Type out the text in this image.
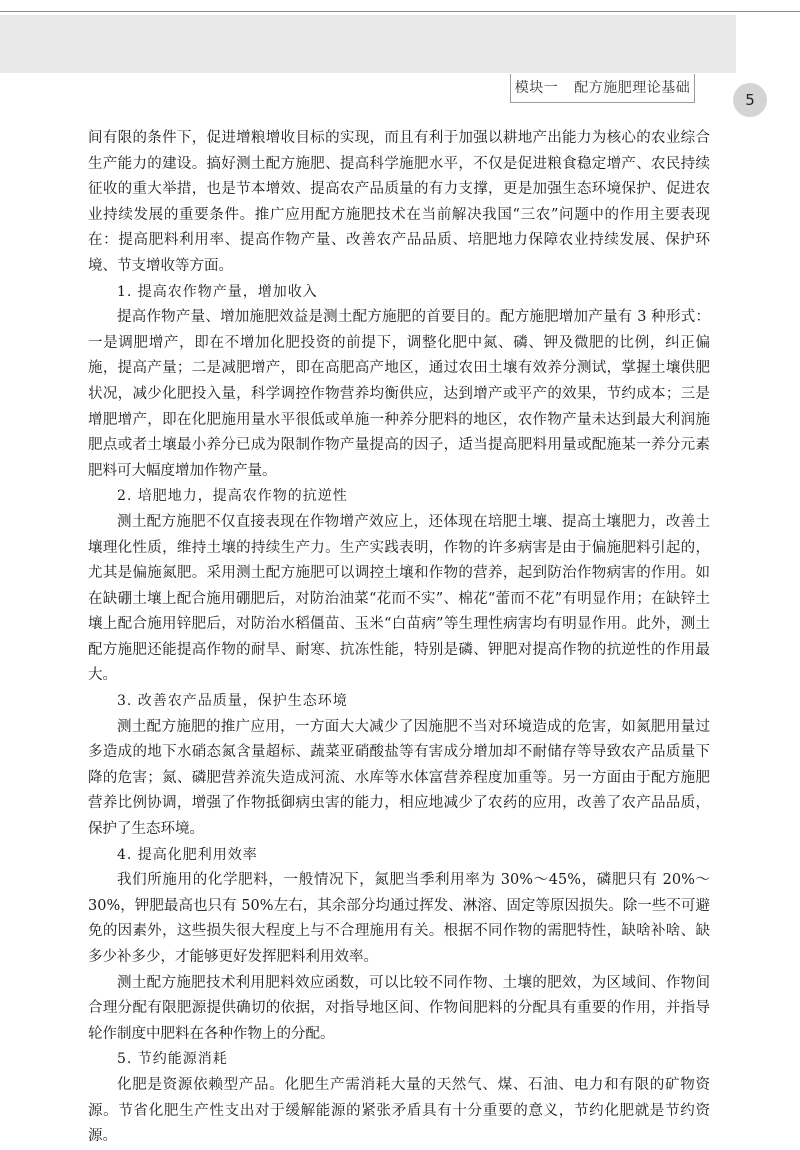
模块一 配方施肥理论基础
5

间有限的条件下，促进增粮增收目标的实现，而且有利于加强以耕地产出能力为核心的农业综合生产能力的建设。搞好测土配方施肥、提高科学施肥水平，不仅是促进粮食稳定增产、农民持续征收的重大举措，也是节本增效、提高农产品质量的有力支撑，更是加强生态环境保护、促进农业持续发展的重要条件。推广应用配方施肥技术在当前解决我国“三农”问题中的作用主要表现在：提高肥料利用率、提高作物产量、改善农产品品质、培肥地力保障农业持续发展、保护环境、节支增收等方面。

1. 提高农作物产量，增加收入

提高作物产量、增加施肥效益是测土配方施肥的首要目的。配方施肥增加产量有 3 种形式：一是调肥增产，即在不增加化肥投资的前提下，调整化肥中氮、磷、钾及微肥的比例，纠正偏施，提高产量；二是减肥增产，即在高肥高产地区，通过农田土壤有效养分测试，掌握土壤供肥状况，减少化肥投入量，科学调控作物营养均衡供应，达到增产或平产的效果，节约成本；三是增肥增产，即在化肥施用量水平很低或单施一种养分肥料的地区，农作物产量未达到最大利润施肥点或者土壤最小养分已成为限制作物产量提高的因子，适当提高肥料用量或配施某一养分元素肥料可大幅度增加作物产量。

2. 培肥地力，提高农作物的抗逆性

测土配方施肥不仅直接表现在作物增产效应上，还体现在培肥土壤、提高土壤肥力，改善土壤理化性质，维持土壤的持续生产力。生产实践表明，作物的许多病害是由于偏施肥料引起的，尤其是偏施氮肥。采用测土配方施肥可以调控土壤和作物的营养，起到防治作物病害的作用。如在缺硼土壤上配合施用硼肥后，对防治油菜“花而不实”、棉花“蕾而不花”有明显作用；在缺锌土壤上配合施用锌肥后，对防治水稻僵苗、玉米“白苗病”等生理性病害均有明显作用。此外，测土配方施肥还能提高作物的耐旱、耐寒、抗冻性能，特别是磷、钾肥对提高作物的抗逆性的作用最大。

3. 改善农产品质量，保护生态环境

测土配方施肥的推广应用，一方面大大减少了因施肥不当对环境造成的危害，如氮肥用量过多造成的地下水硝态氮含量超标、蔬菜亚硝酸盐等有害成分增加却不耐储存等导致农产品质量下降的危害；氮、磷肥营养流失造成河流、水库等水体富营养程度加重等。另一方面由于配方施肥营养比例协调，增强了作物抵御病虫害的能力，相应地减少了农药的应用，改善了农产品品质，保护了生态环境。

4. 提高化肥利用效率

我们所施用的化学肥料，一般情况下，氮肥当季利用率为 30%～45%，磷肥只有 20%～30%，钾肥最高也只有 50%左右，其余部分均通过挥发、淋溶、固定等原因损失。除一些不可避免的因素外，这些损失很大程度上与不合理施用有关。根据不同作物的需肥特性，缺啥补啥、缺多少补多少，才能够更好发挥肥料利用效率。

测土配方施肥技术利用肥料效应函数，可以比较不同作物、土壤的肥效，为区域间、作物间合理分配有限肥源提供确切的依据，对指导地区间、作物间肥料的分配具有重要的作用，并指导轮作制度中肥料在各种作物上的分配。

5. 节约能源消耗

化肥是资源依赖型产品。化肥生产需消耗大量的天然气、煤、石油、电力和有限的矿物资源。节省化肥生产性支出对于缓解能源的紧张矛盾具有十分重要的意义，节约化肥就是节约资源。
